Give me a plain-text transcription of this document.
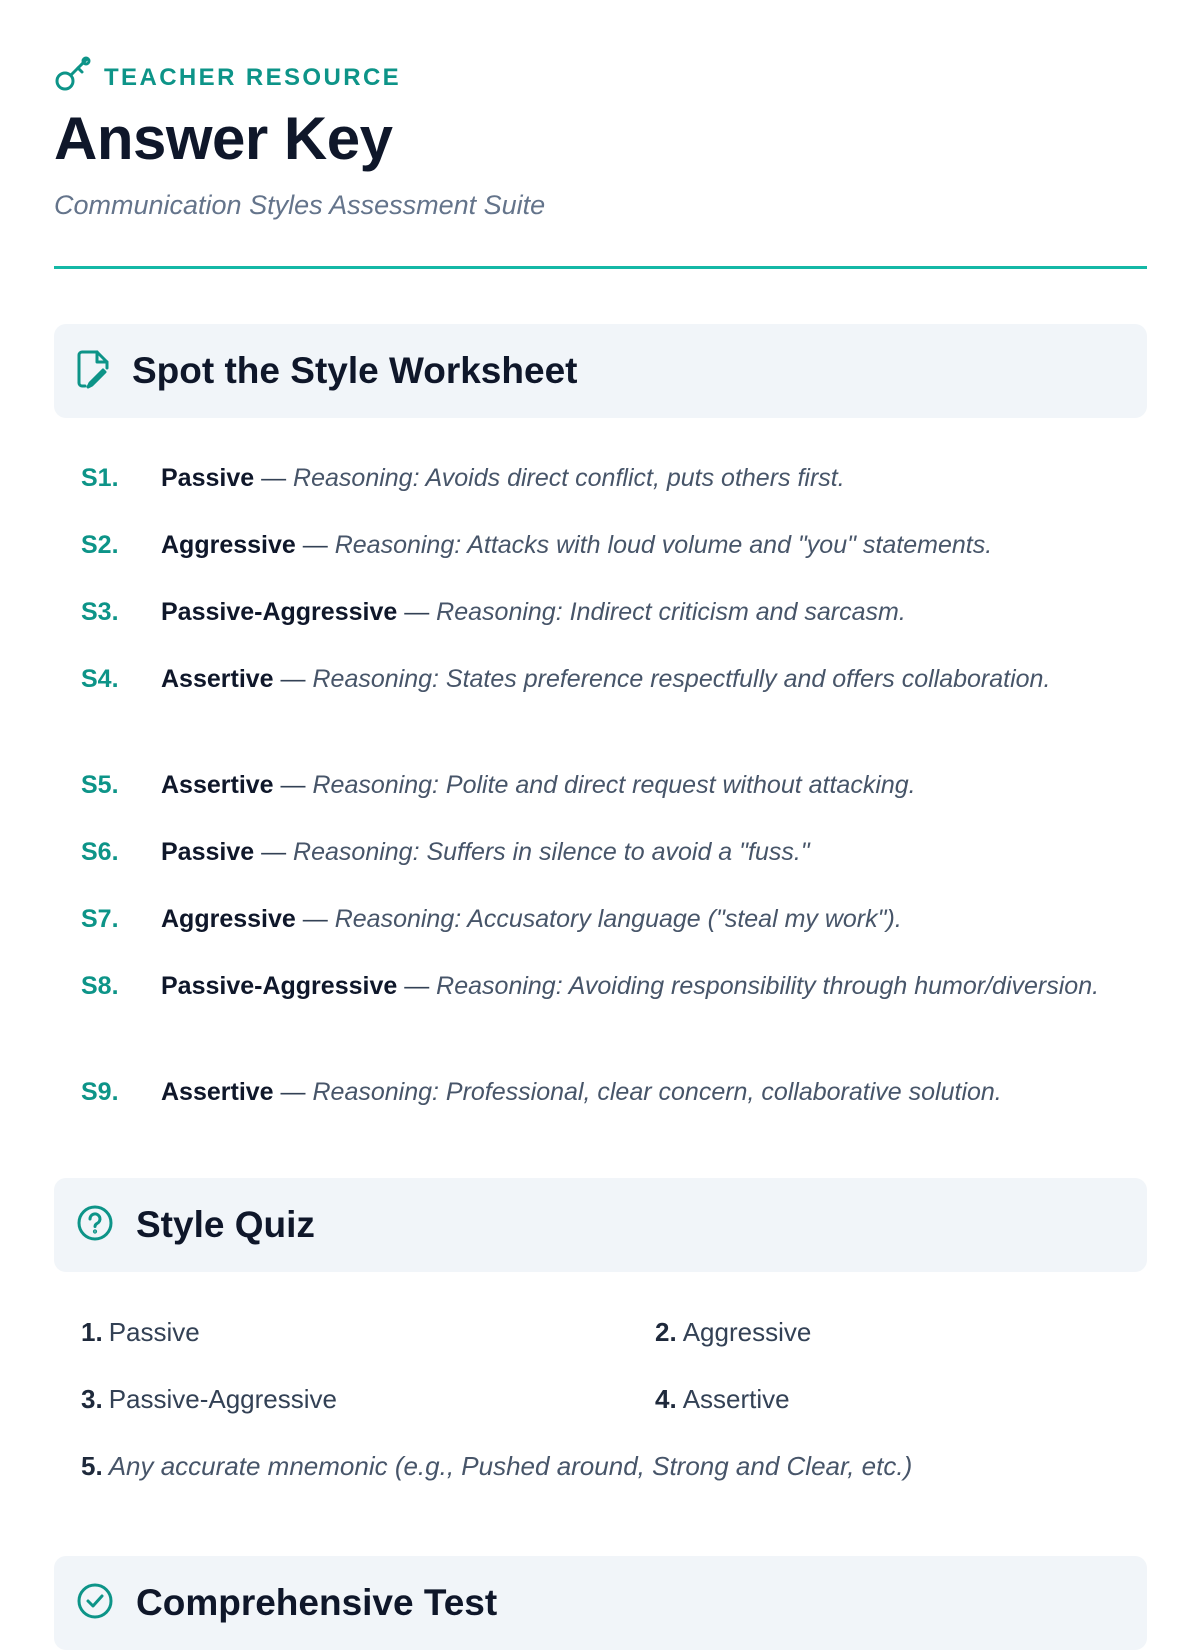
TEACHER RESOURCE
Answer Key
Communication Styles Assessment Suite
Spot the Style Worksheet
S1.	Passive — Reasoning: Avoids direct conflict, puts others first.
S2.	Aggressive — Reasoning: Attacks with loud volume and "you" statements.
S3.	Passive-Aggressive — Reasoning: Indirect criticism and sarcasm.
S4.	Assertive — Reasoning: States preference respectfully and offers collaboration.
S5.	Assertive — Reasoning: Polite and direct request without attacking.
S6.	Passive — Reasoning: Suffers in silence to avoid a "fuss."
S7.	Aggressive — Reasoning: Accusatory language ("steal my work").
S8.	Passive-Aggressive — Reasoning: Avoiding responsibility through humor/diversion.
S9.	Assertive — Reasoning: Professional, clear concern, collaborative solution.
Style Quiz
1. Passive	2. Aggressive
3. Passive-Aggressive	4. Assertive
5. Any accurate mnemonic (e.g., Pushed around, Strong and Clear, etc.)
Comprehensive Test
